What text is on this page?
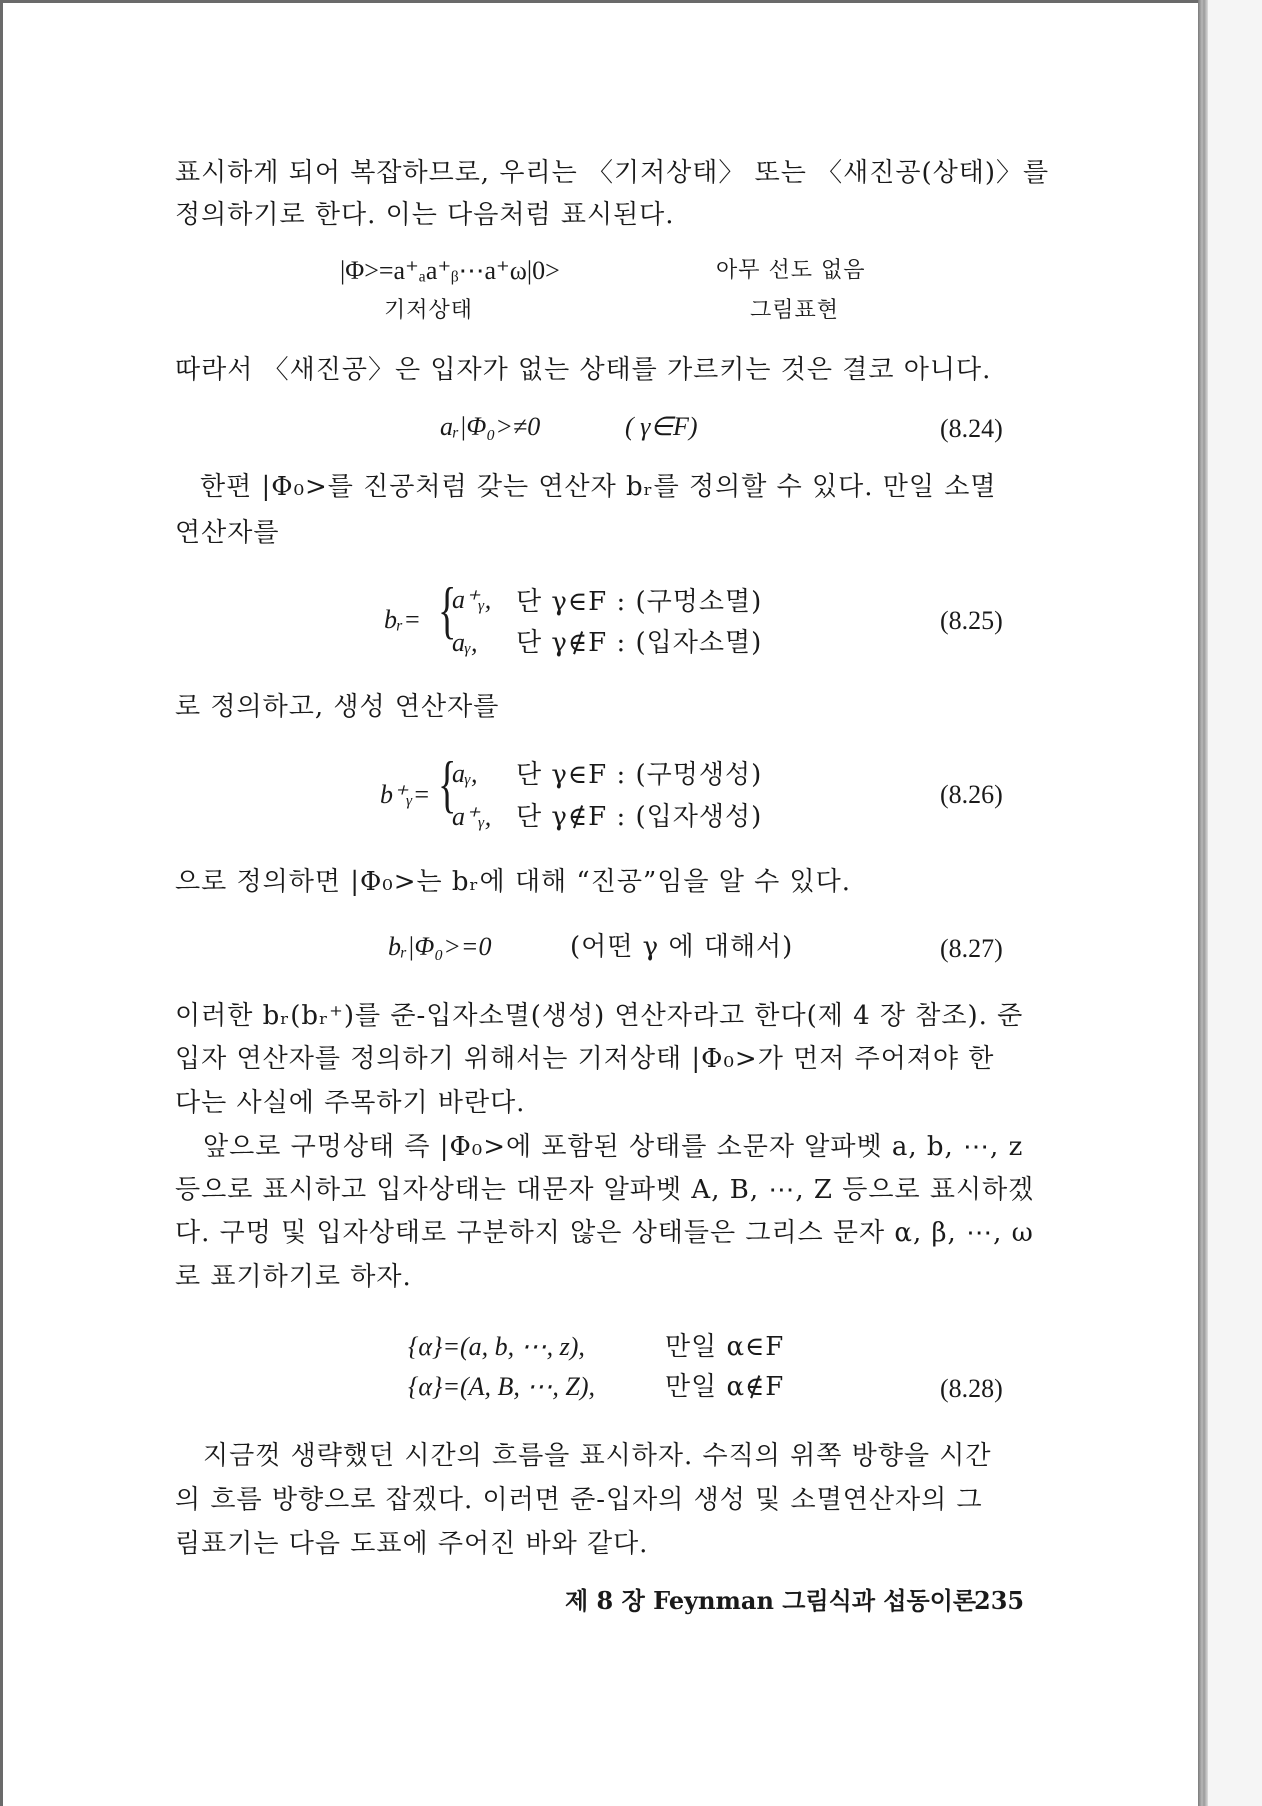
표시하게 되어 복잡하므로, 우리는 〈기저상태〉 또는 〈새진공(상태)〉를
정의하기로 한다. 이는 다음처럼 표시된다.
|Φ>=a⁺ₐa⁺ᵦ⋯a⁺ω|0>
기저상태
아무 선도 없음
그림표현
따라서 〈새진공〉은 입자가 없는 상태를 가르키는 것은 결코 아니다.
aᵣ|Φ₀>≠0	( γ∈F)	(8.24)
한편 |Φ₀>를 진공처럼 갖는 연산자 bᵣ를 정의할 수 있다. 만일 소멸
연산자를
bᵣ= {
a⁺ᵧ, 단 γ∈F : (구멍소멸)
aᵧ, 단 γ∉F : (입자소멸)
(8.25)
로 정의하고, 생성 연산자를
b⁺ᵧ= {
aᵧ, 단 γ∈F : (구멍생성)
a⁺ᵧ, 단 γ∉F : (입자생성)
(8.26)
으로 정의하면 |Φ₀>는 bᵣ에 대해 “진공”임을 알 수 있다.
bᵣ|Φ₀>=0	(어떤 γ 에 대해서)	(8.27)
이러한 bᵣ(bᵣ⁺)를 준-입자소멸(생성) 연산자라고 한다(제 4 장 참조). 준
입자 연산자를 정의하기 위해서는 기저상태 |Φ₀>가 먼저 주어져야 한
다는 사실에 주목하기 바란다.
앞으로 구멍상태 즉 |Φ₀>에 포함된 상태를 소문자 알파벳 a, b, ⋯, z
등으로 표시하고 입자상태는 대문자 알파벳 A, B, ⋯, Z 등으로 표시하겠
다. 구멍 및 입자상태로 구분하지 않은 상태들은 그리스 문자 α, β, ⋯, ω
로 표기하기로 하자.
{α}=(a, b, ⋯, z),	만일 α∈F
{α}=(A, B, ⋯, Z),	만일 α∉F	(8.28)
지금껏 생략했던 시간의 흐름을 표시하자. 수직의 위쪽 방향을 시간
의 흐름 방향으로 잡겠다. 이러면 준-입자의 생성 및 소멸연산자의 그
림표기는 다음 도표에 주어진 바와 같다.
제 8 장 Feynman 그림식과 섭동이론
235
